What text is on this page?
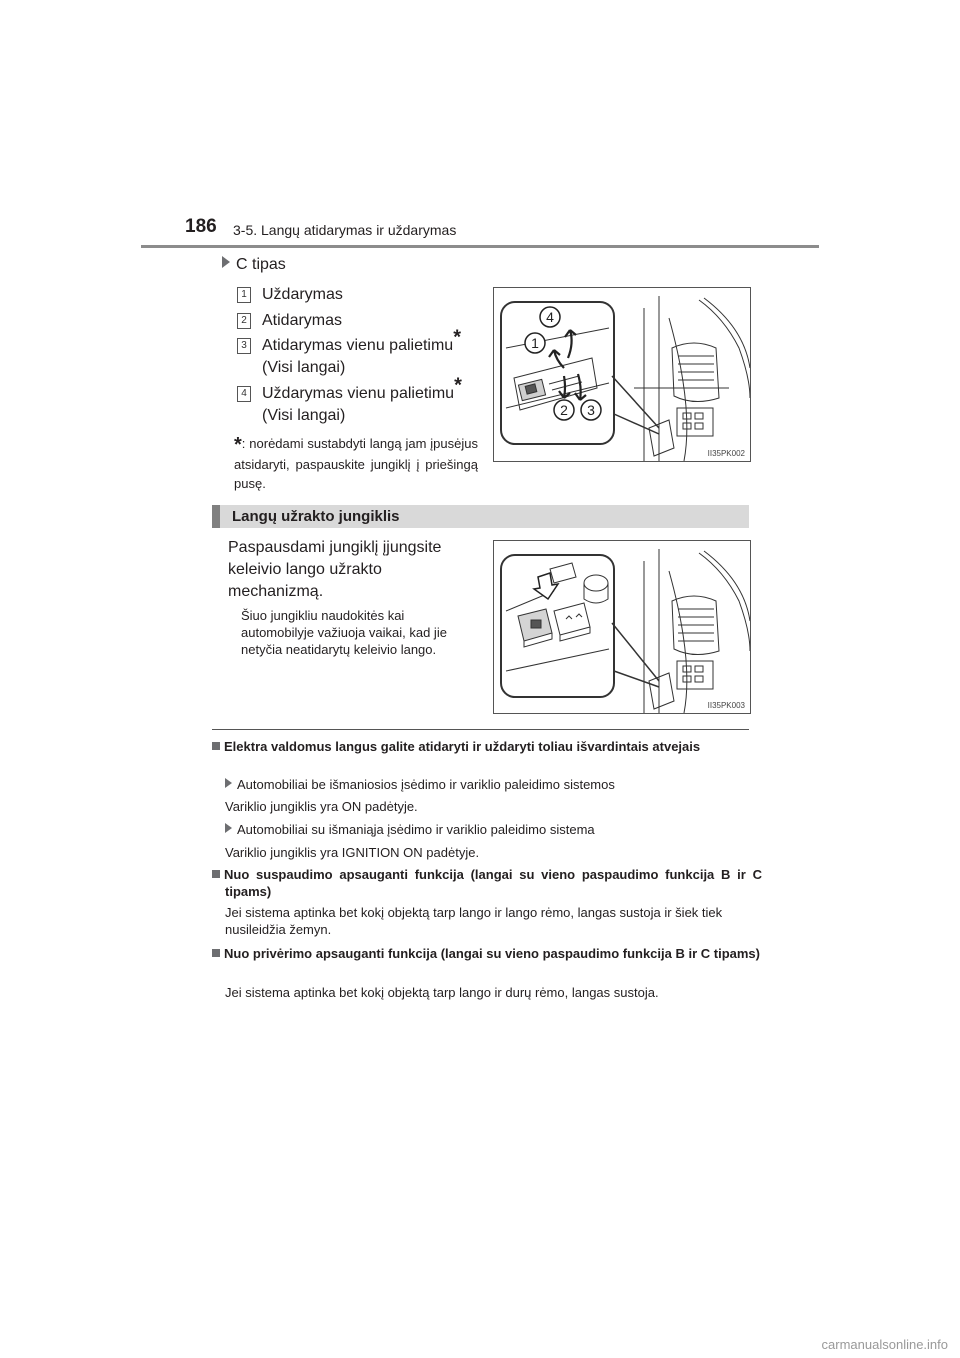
186 3-5. Langų atidarymas ir uždarymas
C tipas
1 Uždarymas
2 Atidarymas
3 Atidarymas vienu palietimu*
(Visi langai)
4 Uždarymas vienu palietimu*
(Visi langai)
*: norėdami sustabdyti langą jam įpusėjus atsidaryti, paspauskite jungiklį į priešingą pusę.
4
1
2 3
II35PK002
Langų užrakto jungiklis
Paspausdami jungiklį įjungsite keleivio lango užrakto mechanizmą.
Šiuo jungikliu naudokitės kai automobilyje važiuoja vaikai, kad jie netyčia neatidarytų keleivio lango.
II35PK003
Elektra valdomus langus galite atidaryti ir uždaryti toliau išvardintais atvejais
Automobiliai be išmaniosios įsėdimo ir variklio paleidimo sistemos
Variklio jungiklis yra ON padėtyje.
Automobiliai su išmaniąja įsėdimo ir variklio paleidimo sistema
Variklio jungiklis yra IGNITION ON padėtyje.
Nuo suspaudimo apsauganti funkcija (langai su vieno paspaudimo funkcija B ir C tipams)
Jei sistema aptinka bet kokį objektą tarp lango ir lango rėmo, langas sustoja ir šiek tiek nusileidžia žemyn.
Nuo privėrimo apsauganti funkcija (langai su vieno paspaudimo funkcija B ir C tipams)
Jei sistema aptinka bet kokį objektą tarp lango ir durų rėmo, langas sustoja.
carmanualsonline.info
